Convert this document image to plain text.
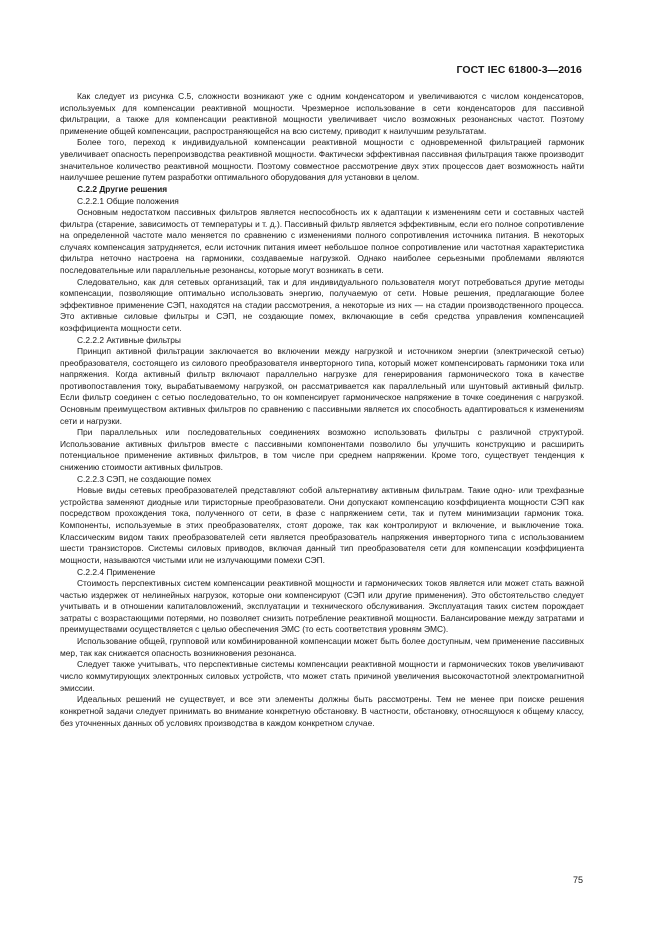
ГОСТ IEC 61800-3—2016

Как следует из рисунка С.5, сложности возникают уже с одним конденсатором и увеличиваются с числом конденсаторов, используемых для компенсации реактивной мощности. Чрезмерное использование в сети конденсаторов для пассивной фильтрации, а также для компенсации реактивной мощности увеличивает число возможных резонансных частот. Поэтому применение общей компенсации, распространяющейся на всю систему, приводит к наилучшим результатам.

Более того, переход к индивидуальной компенсации реактивной мощности с одновременной фильтрацией гармоник увеличивает опасность перепроизводства реактивной мощности. Фактически эффективная пассивная фильтрация также производит значительное количество реактивной мощности. Поэтому совместное рассмотрение двух этих процессов дает возможность найти наилучшее решение путем разработки оптимального оборудования для установки в целом.

С.2.2 Другие решения

С.2.2.1 Общие положения

Основным недостатком пассивных фильтров является неспособность их к адаптации к изменениям сети и составных частей фильтра (старение, зависимость от температуры и т. д.). Пассивный фильтр является эффективным, если его полное сопротивление на определенной частоте мало меняется по сравнению с изменениями полного сопротивления источника питания. В некоторых случаях компенсация затрудняется, если источник питания имеет небольшое полное сопротивление или частотная характеристика фильтра неточно настроена на гармоники, создаваемые нагрузкой. Однако наиболее серьезными проблемами являются последовательные или параллельные резонансы, которые могут возникать в сети.

Следовательно, как для сетевых организаций, так и для индивидуального пользователя могут потребоваться другие методы компенсации, позволяющие оптимально использовать энергию, получаемую от сети. Новые решения, предлагающие более эффективное применение СЭП, находятся на стадии рассмотрения, а некоторые из них — на стадии производственного процесса. Это активные силовые фильтры и СЭП, не создающие помех, включающие в себя средства управления компенсацией коэффициента мощности сети.

С.2.2.2 Активные фильтры

Принцип активной фильтрации заключается во включении между нагрузкой и источником энергии (электрической сетью) преобразователя, состоящего из силового преобразователя инверторного типа, который может компенсировать гармоники тока или напряжения. Когда активный фильтр включают параллельно нагрузке для генерирования гармонического тока в качестве противопоставления току, вырабатываемому нагрузкой, он рассматривается как параллельный или шунтовый активный фильтр. Если фильтр соединен с сетью последовательно, то он компенсирует гармоническое напряжение в точке соединения с нагрузкой. Основным преимуществом активных фильтров по сравнению с пассивными является их способность адаптироваться к изменениям сети и нагрузки.

При параллельных или последовательных соединениях возможно использовать фильтры с различной структурой. Использование активных фильтров вместе с пассивными компонентами позволило бы улучшить конструкцию и расширить потенциальное применение активных фильтров, в том числе при среднем напряжении. Кроме того, существует тенденция к снижению стоимости активных фильтров.

С.2.2.3 СЭП, не создающие помех

Новые виды сетевых преобразователей представляют собой альтернативу активным фильтрам. Такие одно- или трехфазные устройства заменяют диодные или тиристорные преобразователи. Они допускают компенсацию коэффициента мощности СЭП как посредством прохождения тока, полученного от сети, в фазе с напряжением сети, так и путем минимизации гармоник тока. Компоненты, используемые в этих преобразователях, стоят дороже, так как контролируют и включение, и выключение тока. Классическим видом таких преобразователей сети является преобразователь напряжения инверторного типа с использованием шести транзисторов. Системы силовых приводов, включая данный тип преобразователя сети для компенсации коэффициента мощности, называются чистыми или не излучающими помехи СЭП.

С.2.2.4 Применение

Стоимость перспективных систем компенсации реактивной мощности и гармонических токов является или может стать важной частью издержек от нелинейных нагрузок, которые они компенсируют (СЭП или другие применения). Это обстоятельство следует учитывать и в отношении капиталовложений, эксплуатации и технического обслуживания. Эксплуатация таких систем порождает затраты с возрастающими потерями, но позволяет снизить потребление реактивной мощности. Балансирование между затратами и преимуществами осуществляется с целью обеспечения ЭМС (то есть соответствия уровням ЭМС).

Использование общей, групповой или комбинированной компенсации может быть более доступным, чем применение пассивных мер, так как снижается опасность возникновения резонанса.

Следует также учитывать, что перспективные системы компенсации реактивной мощности и гармонических токов увеличивают число коммутирующих электронных силовых устройств, что может стать причиной увеличения высокочастотной электромагнитной эмиссии.

Идеальных решений не существует, и все эти элементы должны быть рассмотрены. Тем не менее при поиске решения конкретной задачи следует принимать во внимание конкретную обстановку. В частности, обстановку, относящуюся к общему классу, без уточненных данных об условиях производства в каждом конкретном случае.

75
